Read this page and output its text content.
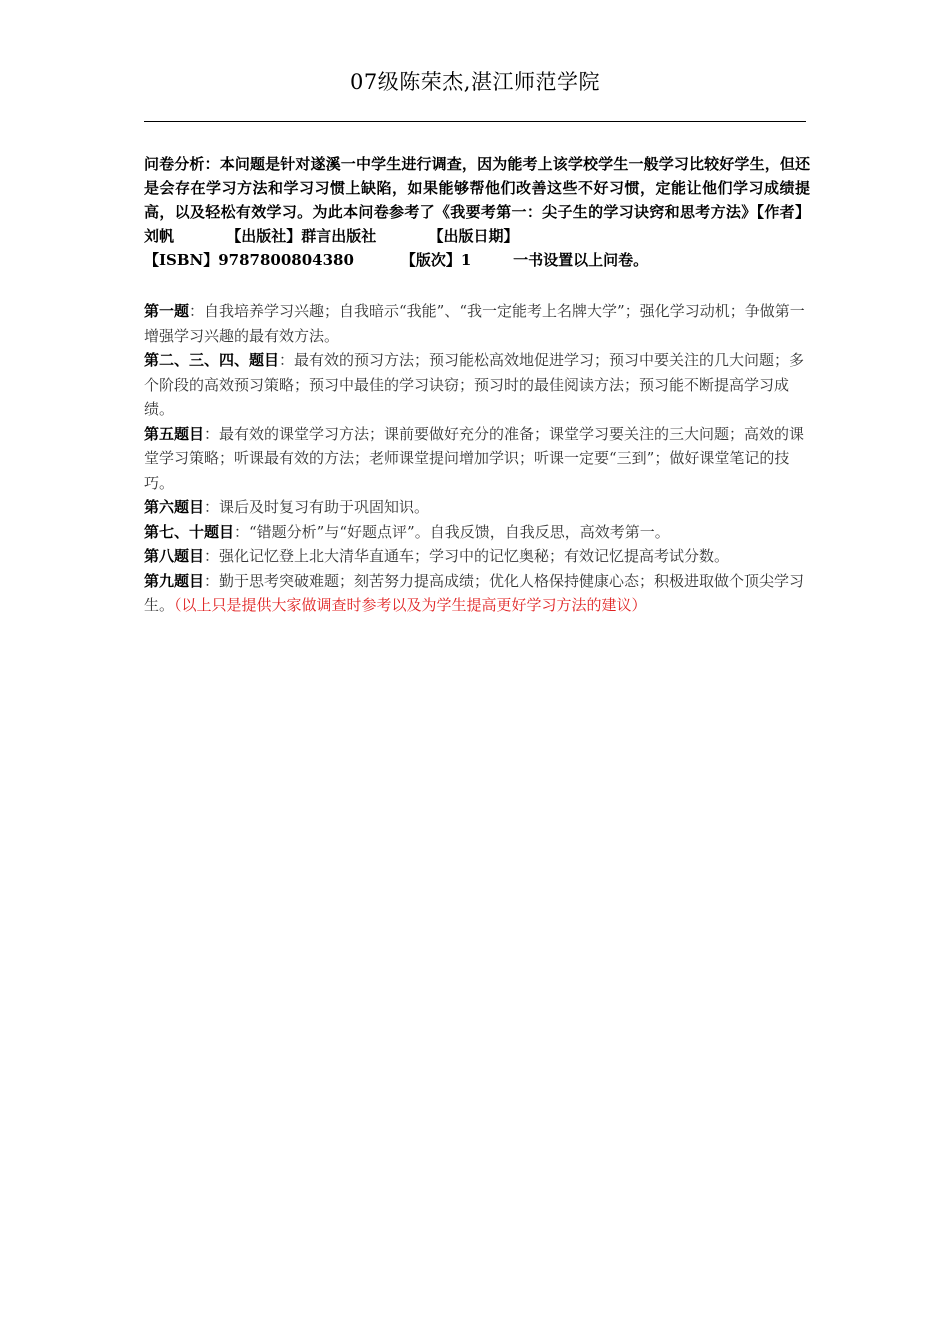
07级陈荣杰,湛江师范学院

问卷分析：本问题是针对遂溪一中学生进行调查，因为能考上该学校学生一般学习比较好学生，但还是会存在学习方法和学习习惯上缺陷，如果能够帮他们改善这些不好习惯，定能让他们学习成绩提高，以及轻松有效学习。为此本问卷参考了《我要考第一：尖子生的学习诀窍和思考方法》【作者】刘帆	【出版社】群言出版社	【出版日期】

【ISBN】9787800804380	【版次】1	一书设置以上问卷。

第一题：自我培养学习兴趣；自我暗示“我能”、“我一定能考上名牌大学”；强化学习动机；争做第一增强学习兴趣的最有效方法。

第二、三、四、题目：最有效的预习方法；预习能松高效地促进学习；预习中要关注的几大问题；多个阶段的高效预习策略；预习中最佳的学习诀窃；预习时的最佳阅读方法；预习能不断提高学习成绩。

第五题目：最有效的课堂学习方法；课前要做好充分的准备；课堂学习要关注的三大问题；高效的课堂学习策略；听课最有效的方法；老师课堂提问增加学识；听课一定要“三到”；做好课堂笔记的技巧。

第六题目：课后及时复习有助于巩固知识。

第七、十题目：“错题分析”与“好题点评”。自我反馈，自我反思，高效考第一。

第八题目：强化记忆登上北大清华直通车；学习中的记忆奥秘；有效记忆提高考试分数。

第九题目：勤于思考突破难题；刻苦努力提高成绩；优化人格保持健康心态；积极进取做个顶尖学习生。（以上只是提供大家做调查时参考以及为学生提高更好学习方法的建议）
